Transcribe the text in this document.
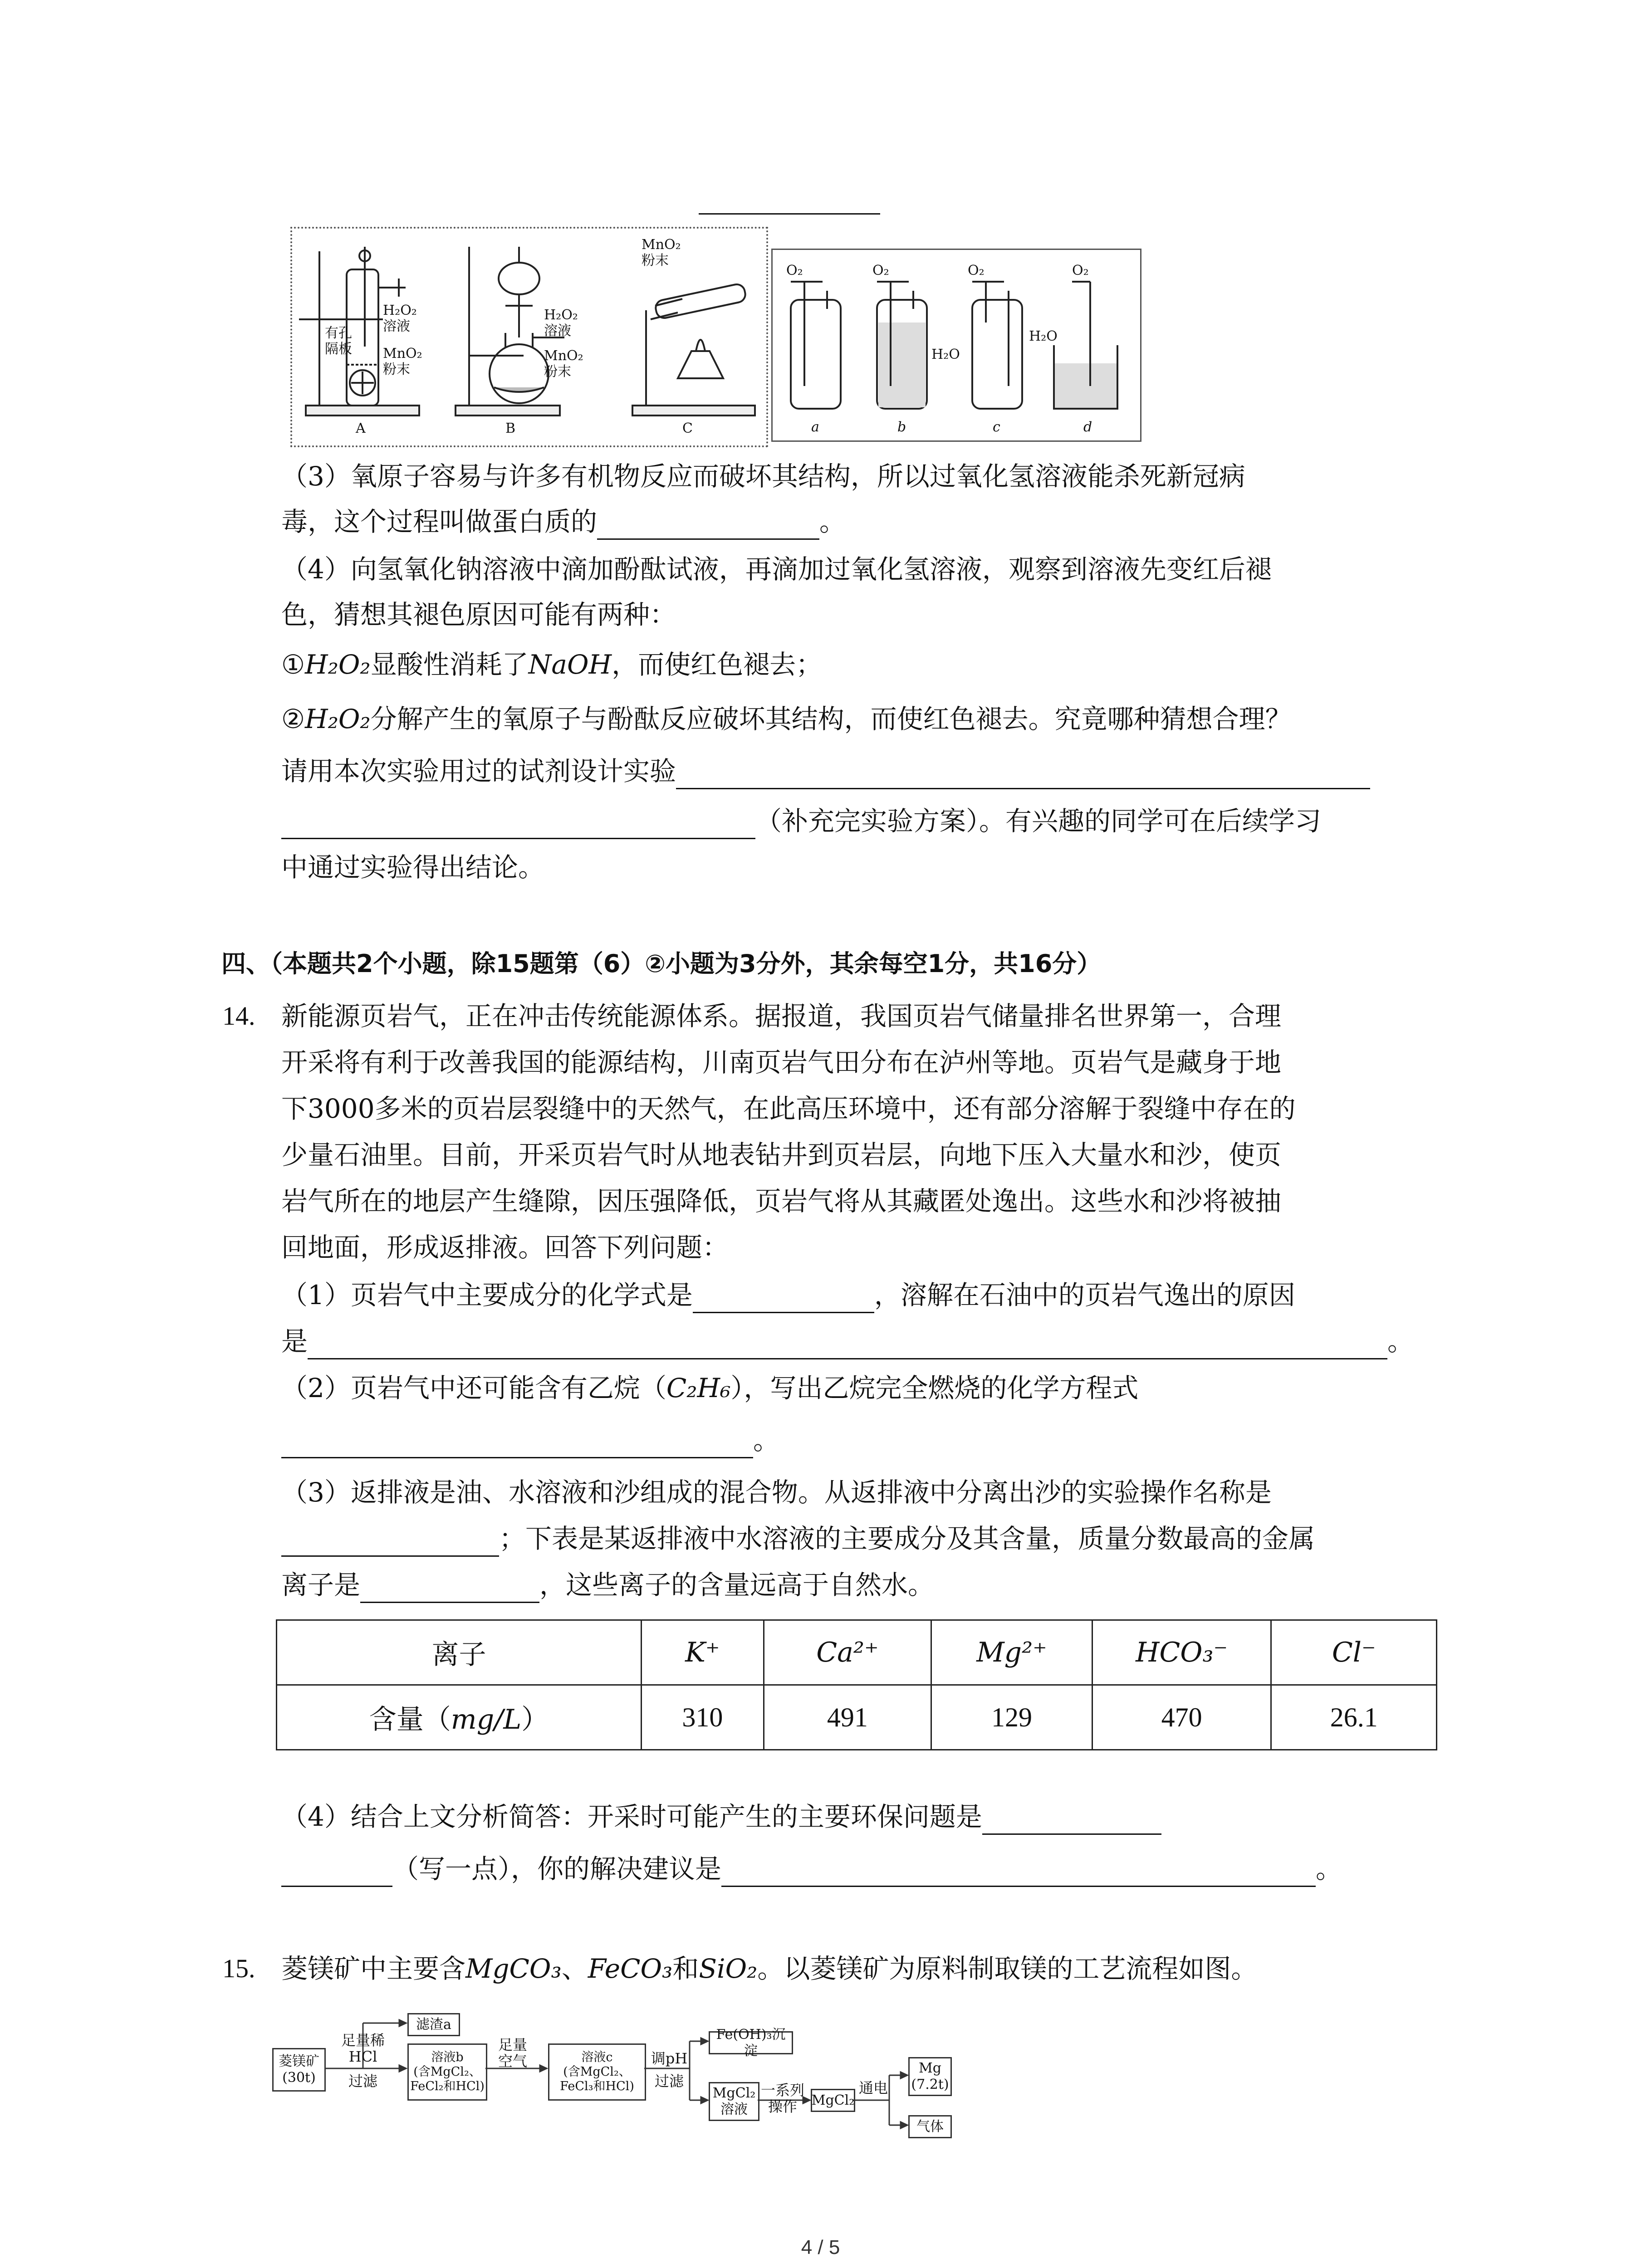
A	B	C
H₂O₂
溶液
MnO₂
粉末
有孔
隔板
H₂O₂
溶液
MnO₂
粉末
MnO₂
粉末
O₂	O₂	O₂	O₂
H₂O
H₂O
a	b	c	d
（3）氧原子容易与许多有机物反应而破坏其结构，所以过氧化氢溶液能杀死新冠病
毒，这个过程叫做蛋白质的	。
（4）向氢氧化钠溶液中滴加酚酞试液，再滴加过氧化氢溶液，观察到溶液先变红后褪
色，猜想其褪色原因可能有两种：
①H₂O₂显酸性消耗了NaOH，而使红色褪去；
②H₂O₂分解产生的氧原子与酚酞反应破坏其结构，而使红色褪去。究竟哪种猜想合理？
请用本次实验用过的试剂设计实验
（补充完实验方案）。有兴趣的同学可在后续学习
中通过实验得出结论。
四、（本题共2个小题，除15题第（6）②小题为3分外，其余每空1分，共16分）
14. 新能源页岩气，正在冲击传统能源体系。据报道，我国页岩气储量排名世界第一，合理
开采将有利于改善我国的能源结构，川南页岩气田分布在泸州等地。页岩气是藏身于地
下3000多米的页岩层裂缝中的天然气，在此高压环境中，还有部分溶解于裂缝中存在的
少量石油里。目前，开采页岩气时从地表钻井到页岩层，向地下压入大量水和沙，使页
岩气所在的地层产生缝隙，因压强降低，页岩气将从其藏匿处逸出。这些水和沙将被抽
回地面，形成返排液。回答下列问题：
（1）页岩气中主要成分的化学式是	，溶解在石油中的页岩气逸出的原因
是	。
（2）页岩气中还可能含有乙烷（C₂H₆），写出乙烷完全燃烧的化学方程式
。
（3）返排液是油、水溶液和沙组成的混合物。从返排液中分离出沙的实验操作名称是
；下表是某返排液中水溶液的主要成分及其含量，质量分数最高的金属
离子是	，这些离子的含量远高于自然水。
离子	K⁺	Ca²⁺	Mg²⁺	HCO₃⁻	Cl⁻
含量（mg/L）	310	491	129	470	26.1
（4）结合上文分析简答：开采时可能产生的主要环保问题是
（写一点），你的解决建议是	。
15. 菱镁矿中主要含MgCO₃、FeCO₃和SiO₂。以菱镁矿为原料制取镁的工艺流程如图。
菱镁矿
(30t)
足量稀
HCl
过滤
滤渣a
溶液b
(含MgCl₂、
FeCl₂和HCl)
足量
空气	溶液c
(含MgCl₂、
FeCl₃和HCl)
调pH
过滤
Fe(OH)₃沉淀
MgCl₂
溶液
一系列
操作	MgCl₂
通电
Mg
(7.2t)
气体
4 / 5
